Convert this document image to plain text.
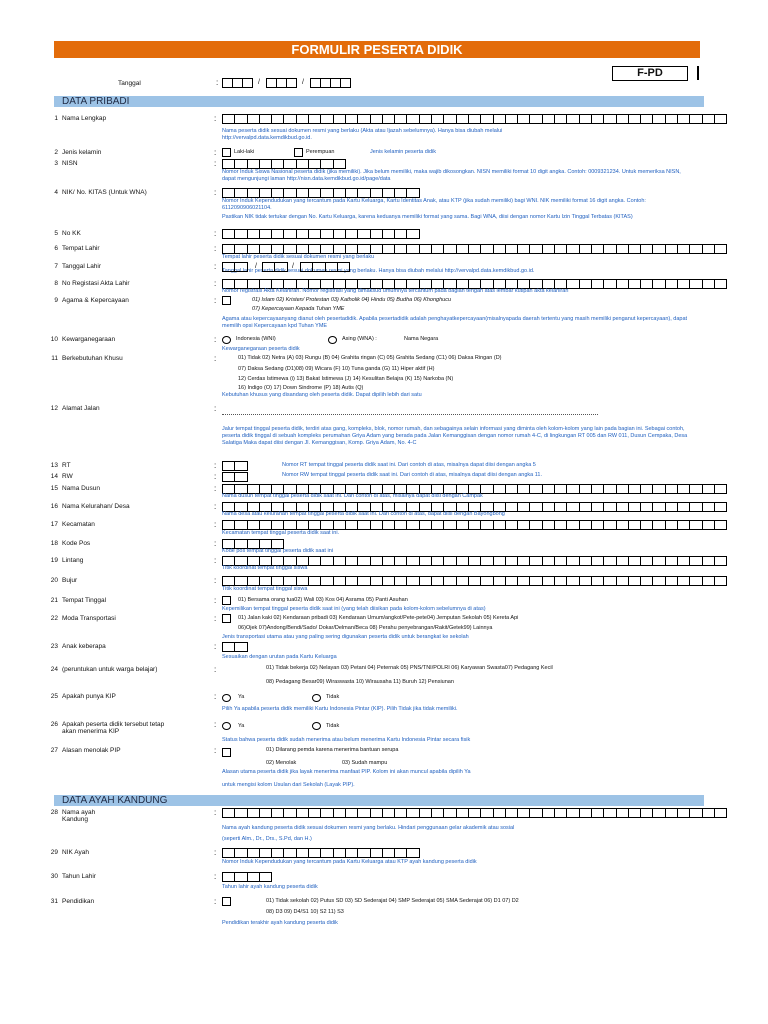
FORMULIR PESERTA DIDIK
F-PD
Tanggal	:	/	/
DATA PRIBADI
1 Nama Lengkap	:
Nama peserta didik sesuai dokumen resmi yang berlaku (Akta atau Ijazah sebelumnya). Hanya bisa diubah melalui http://vervalpd.data.kemdikbud.go.id.
2 Jenis kelamin	:	Jenis kelamin peserta didik
Laki-laki	Perempuan
3 NISN	:
Nomor Induk Siswa Nasional peserta didik (jika memiliki). Jika belum memiliki, maka wajib dikosongkan. NISN memiliki format 10 digit angka. Contoh: 0009321234. Untuk memeriksa NISN, dapat mengunjungi laman http://nisn.data.kemdikbud.go.id/page/data
4 NIK/ No. KITAS (Untuk WNA)	:
Nomor Induk Kependudukan yang tercantum pada Kartu Keluarga, Kartu Identitas Anak, atau KTP (jika sudah memiliki) bagi WNI. NIK memiliki format 16 digit angka. Contoh: 6112090906021104.
Pastikan NIK tidak tertukar dengan No. Kartu Keluarga, karena keduanya memiliki format yang sama. Bagi WNA, diisi dengan nomor Kartu Izin Tinggal Terbatas (KITAS)
5 No KK	:
6 Tempat Lahir	:
Tempat lahir peserta didik sesuai dokumen resmi yang berlaku
7 Tanggal Lahir	: Tanggal lahir peserta didik sesuai dokumen resmi yang berlaku. Hanya bisa diubah melalui http://vervalpd.data.kemdikbud.go.id.
/	/
8 No Registasi Akta Lahir	:
Nomor registrasi Akta Kelahiran. Nomor registrasi yang dimaksud umumnya tercantum pada bagian tengah atas lembar kutipan akta kelahiran
9 Agama & Kepercayaan	:
Agama atau kepercayaanyang dianut oleh pesertadidik. Apabila pesertadidik adalah penghayatkepercayaan(misalnyapada daerah tertentu yang masih memiliki penganut kepercayaan), dapat memilih opsi Kepercayaan kpd Tuhan YME
01) Islam 02) Kristen/ Protestan 03) Katholik 04) Hindu 05) Budha 06) Khonghucu
07) Kepercayaan Kepada Tuhan YME
10 Kewarganegaraan	:
Kewarganegaraan peserta didik
Indonesia (WNI)	Asing (WNA) :	Nama Negara
11 Berkebutuhan Khusu	:
Kebutuhan khusus yang disandang oleh peserta didik. Dapat dipilih lebih dari satu
01) Tidak 02) Netra (A) 03) Rungu (B) 04) Grahita ringan (C) 05) Grahita Sedang (C1) 06) Daksa Ringan (D)
07) Daksa Sedang (D1)08) 09) Wicara (F) 10) Tuna ganda (G) 11) Hiper aktif (H)
12) Cerdas Istimewa (i) 13) Bakat Istimewa (J) 14) Kesulitan Belajra (K) 15) Narkoba (N)
16) Indigo (O) 17) Down Sindrome (P) 18) Autis (Q)
12 Alamat Jalan	:
Jalur tempat tinggal peserta didik, terdiri atas gang, kompleks, blok, nomor rumah, dan sebagainya selain informasi yang diminta oleh kolom-kolom yang lain pada bagian ini. Sebagai contoh, peserta didik tinggal di sebuah kompleks perumahan Griya Adam yang berada pada Jalan Kemanggisan dengan nomor rumah 4-C, di lingkungan RT 005 dan RW 011, Dusun Cempaka, Desa Salatiga Maka dapat diisi dengan Jl. Kemanggisan, Komp. Griya Adam, No. 4-C
13 RT	:	Nomor RT tempat tinggal peserta didik saat ini. Dari contoh di atas, misalnya dapat diisi dengan angka 5
14 RW	:	Nomor RW tempat tinggal peserta didik saat ini. Dari contoh di atas, misalnya dapat diisi dengan angka 11.
15 Nama Dusun	:
Nama dusun tempat tinggal peserta didik saat ini. Dari contoh di atas, misalnya dapat diisi dengan Campak
16 Nama Kelurahan/ Desa	:
Nama desa atau kelurahan tempat tinggal peserta didik saat ini. Dari contoh di atas, dapat diisi dengan Bayongbong
17 Kecamatan	:
Kecamatan tempat tinggal peserta didik saat ini.
18 Kode Pos	:
Kode pos tempat tinggal peserta didik saat ini
19 Lintang	:
Titik koordinat tempat tinggal siswa
20 Bujur	:
Titik koordinat tempat tinggal siswa
21 Tempat Tinggal	:
Kepemilikan tempat tinggal peserta didik saat ini (yang telah diisikan pada kolom-kolom sebelumnya di atas)
01) Bersama orang tua02) Wali 03) Kos 04) Asrama 05) Panti Asuhan
22 Moda Transportasi	:
Jenis transportasi utama atau yang paling sering digunakan peserta didik untuk berangkat ke sekolah
01) Jalan kaki 02) Kendaraan pribadi 03) Kendaraan Umum/angkot/Pete-pete04) Jemputan Sekolah 05) Kereta Api
06)Ojek 07)Andong/Bendi/Sado/ Dokar/Delman/Beca 08) Perahu penyebrangan/Rakit/Getek99) Lainnya
23 Anak keberapa	:
Sesuaikan dengan urutan pada Kartu Keluarga
24 (peruntukan untuk warga belajar)	:	01) Tidak bekerja 02) Nelayan 03) Petani 04) Peternak 05) PNS/TNI/POLRI 06) Karyawan Swasta07) Pedagang Kecil
08) Pedagang Besar09) Wiraswasta 10) Wirausaha 11) Buruh 12) Pensiunan
25 Apakah punya KIP	:
Pilih Ya apabila peserta didik memiliki Kartu Indonesia Pintar (KIP). Pilih Tidak jika tidak memiliki.
Ya	Tidak
26 Apakah peserta didik tersebut tetap
akan menerima KIP
:
Status bahwa peserta didik sudah menerima atau belum menerima Kartu Indonesia Pintar secara fisik
Ya	Tidak
27 Alasan menolak PIP	:
Alasan utama peserta didik jika layak menerima manfaat PIP. Kolom ini akan muncul apabila dipilih Ya
untuk mengisi kolom Usulan dari Sekolah (Layak PIP).
01) Dilarang pemda karena menerima bantuan serupa
02) Menolak	03) Sudah mampu
28 Nama ayah
Kandung
:
Nama ayah kandung peserta didik sesuai dokumen resmi yang berlaku. Hindari penggunaan gelar akademik atau sosial
(seperti Alm., Dr., Drs., S.Pd, dan H.)
29 NIK Ayah	:
Nomor Induk Kependudukan yang tercantum pada Kartu Keluarga atau KTP ayah kandung peserta didik
30 Tahun Lahir	:
Tahun lahir ayah kandung peserta didik
31 Pendidikan	:
Pendidikan terakhir ayah kandung peserta didik
01) Tidak sekolah 02) Putus SD 03) SD Sederajat 04) SMP Sederajat 05) SMA Sederajat 06) D1 07) D2
08) D3 09) D4/S1 10) S2 11) S3
DATA AYAH KANDUNG
